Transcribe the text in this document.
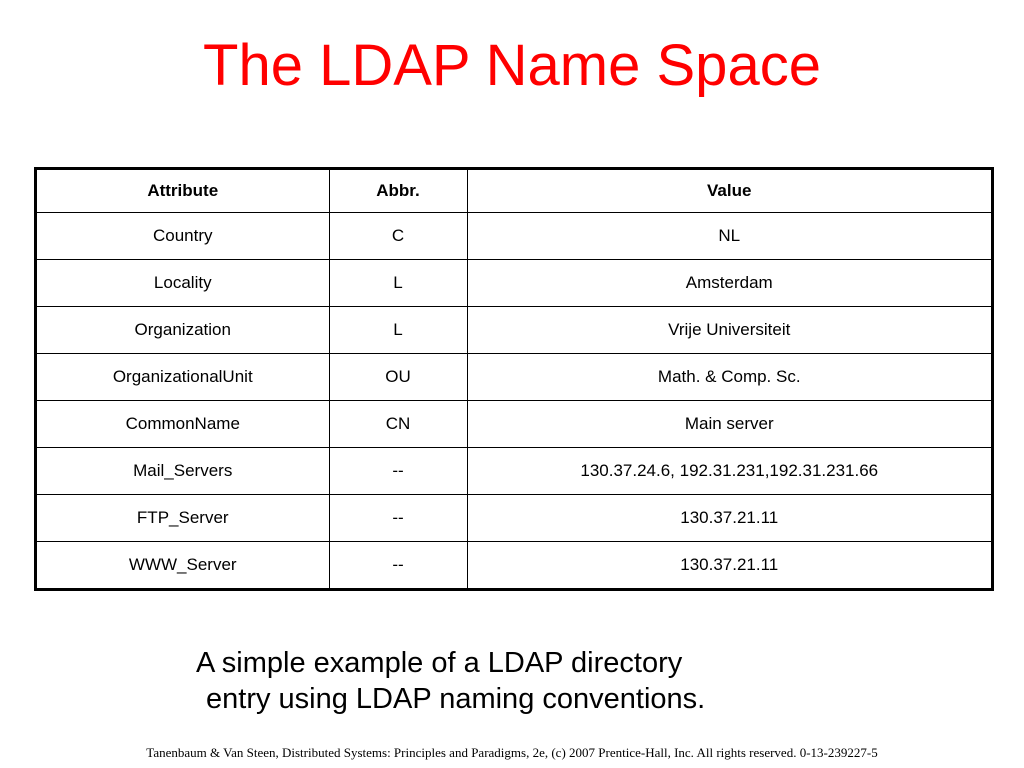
The LDAP Name Space
Attribute	Abbr.	Value
Country	C	NL
Locality	L	Amsterdam
Organization	L	Vrije Universiteit
OrganizationalUnit	OU	Math. & Comp. Sc.
CommonName	CN	Main server
Mail_Servers	--	130.37.24.6, 192.31.231,192.31.231.66
FTP_Server	--	130.37.21.11
WWW_Server	--	130.37.21.11
A simple example of a LDAP directory
entry using LDAP naming conventions.
Tanenbaum & Van Steen, Distributed Systems: Principles and Paradigms, 2e, (c) 2007 Prentice-Hall, Inc. All rights reserved. 0-13-239227-5
